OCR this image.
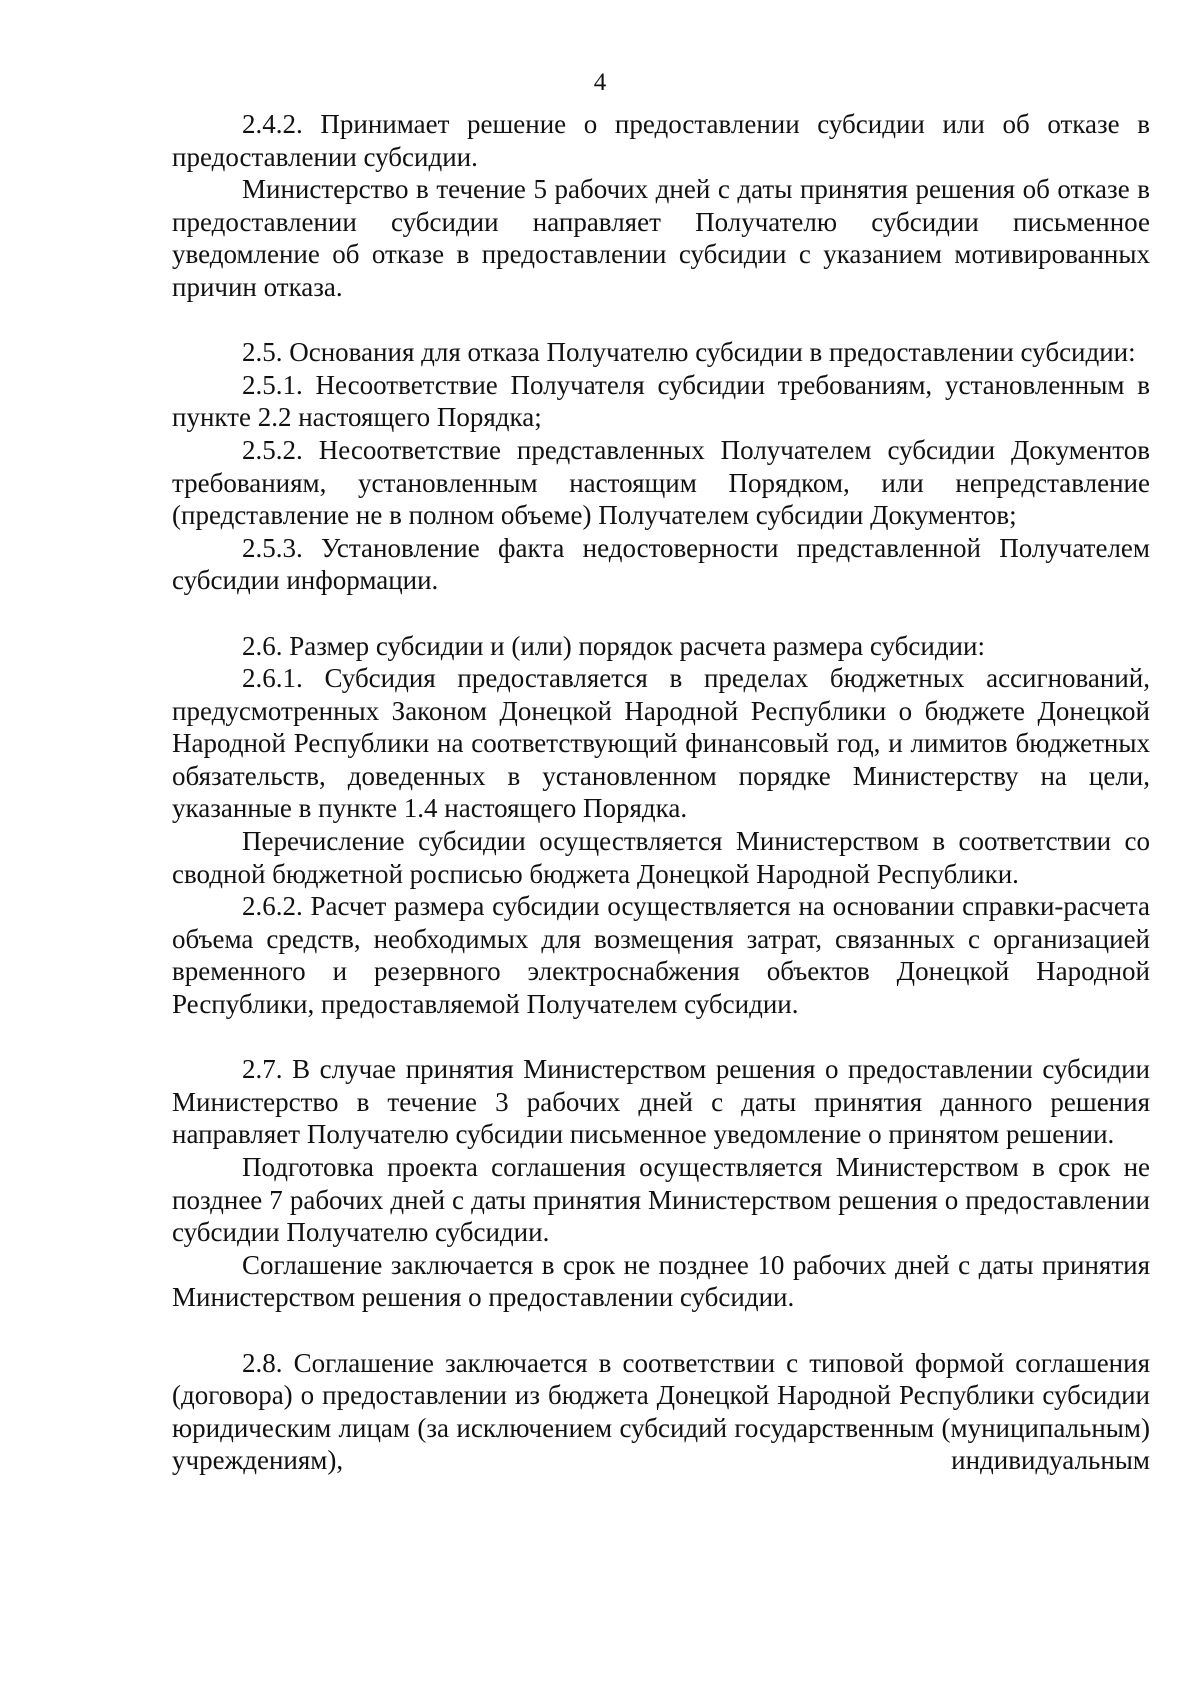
4

2.4.2. Принимает решение о предоставлении субсидии или об отказе в предоставлении субсидии.

Министерство в течение 5 рабочих дней с даты принятия решения об отказе в предоставлении субсидии направляет Получателю субсидии письменное уведомление об отказе в предоставлении субсидии с указанием мотивированных причин отказа.

2.5. Основания для отказа Получателю субсидии в предоставлении субсидии:

2.5.1. Несоответствие Получателя субсидии требованиям, установленным в пункте 2.2 настоящего Порядка;

2.5.2. Несоответствие представленных Получателем субсидии Документов требованиям, установленным настоящим Порядком, или непредставление (представление не в полном объеме) Получателем субсидии Документов;

2.5.3. Установление факта недостоверности представленной Получателем субсидии информации.

2.6. Размер субсидии и (или) порядок расчета размера субсидии:

2.6.1. Субсидия предоставляется в пределах бюджетных ассигнований, предусмотренных Законом Донецкой Народной Республики о бюджете Донецкой Народной Республики на соответствующий финансовый год, и лимитов бюджетных обязательств, доведенных в установленном порядке Министерству на цели, указанные в пункте 1.4 настоящего Порядка.

Перечисление субсидии осуществляется Министерством в соответствии со сводной бюджетной росписью бюджета Донецкой Народной Республики.

2.6.2. Расчет размера субсидии осуществляется на основании справки-расчета объема средств, необходимых для возмещения затрат, связанных с организацией временного и резервного электроснабжения объектов Донецкой Народной Республики, предоставляемой Получателем субсидии.

2.7. В случае принятия Министерством решения о предоставлении субсидии Министерство в течение 3 рабочих дней с даты принятия данного решения направляет Получателю субсидии письменное уведомление о принятом решении.

Подготовка проекта соглашения осуществляется Министерством в срок не позднее 7 рабочих дней с даты принятия Министерством решения о предоставлении субсидии Получателю субсидии.

Соглашение заключается в срок не позднее 10 рабочих дней с даты принятия Министерством решения о предоставлении субсидии.

2.8. Соглашение заключается в соответствии с типовой формой соглашения (договора) о предоставлении из бюджета Донецкой Народной Республики субсидии юридическим лицам (за исключением субсидий государственным (муниципальным) учреждениям), индивидуальным
